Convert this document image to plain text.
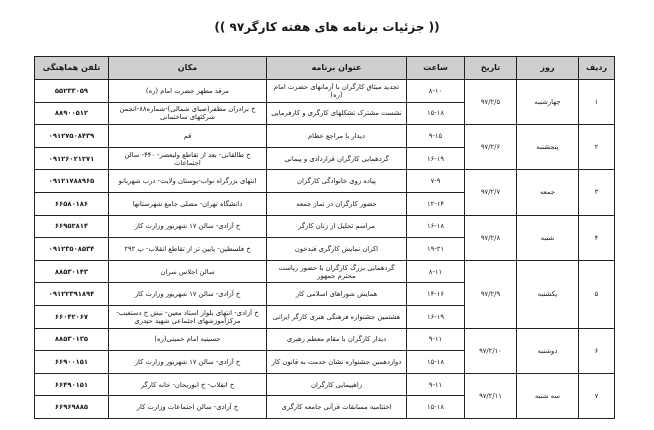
(( جزئیات برنامه های هفته کارگر۹۷ ))
ردیف	روز	تاریخ	ساعت	عنوان برنامه	مکان	تلفن هماهنگی
۱	چهارشنبه	۹۷/۲/۵	۸-۱۰	تجدید میثاق کارگران با آرمانهای حضرت امام (ره)	مرقد مطهر حضرت امام (ره)	۵۵۲۳۳۰۵۹
			۱۵-۱۸	نشست مشترک تشکلهای کارگری و کارفرمایی	خ برادران مظفر(صبای شمالی)-شماره۸۸-انجمن شرکتهای ساختمانی	۸۸۹۰۰۵۱۲
۲	پنجشنبه	۹۷/۲/۶	۹-۱۵	دیدار با مراجع عظام	قم	۰۹۱۲۷۵۰۸۴۳۹
			۱۶-۱۹	گردهمایی کارگران قراردادی و پیمانی	خ طالقانی- بعد از تقاطع ولیعصر- ۴۴۰- سالن اجتماعات	۰۹۱۲۶۰۲۱۲۷۱
۳	جمعه	۹۷/۲/۷	۷-۹	پیاده روی خانوادگی کارگران	انتهای بزرگراه نواب-بوستان ولایت- درب شهربانو	۰۹۱۲۱۷۸۸۹۶۵
			۱۲-۱۴	حضور کارگران در نماز جمعه	دانشگاه تهران- مصلی جامع شهرستانها	۶۶۵۸۰۱۸۶
۴	شنبه	۹۷/۲/۸	۱۶-۱۸	مراسم تجلیل از زنان کارگر	خ آزادی- سالن ۱۷ شهریور وزارت کار	۶۶۹۵۲۸۱۴
			۱۹-۲۱	اکران نمایش کارگری قندخون	خ فلسطین- پایین تر از تقاطع انقلاب- پ ۲۹۲	۰۹۱۲۳۵۰۸۵۳۴
۵	یکشنبه	۹۷/۲/۹	۸-۱۱	گردهمایی بزرگ کارگران با حضور ریاست محترم جمهور	سالن اجلاس سران	۸۸۵۳۰۱۴۳
			۱۴-۱۶	همایش شوراهای اسلامی کار	خ آزادی- سالن ۱۷ شهریور وزارت کار	۰۹۱۲۲۳۹۱۸۹۴
			۱۶-۱۹	هشتمین جشنواره فرهنگی هنری کارگر ایرانی	خ آزادی- انتهای بلوار استاد معین- نبش خ دستغیب- مرکزآموزشهای اجتماعی شهید حیدری	۶۶۰۴۲۰۶۷
۶	دوشنبه	۹۷/۲/۱۰	۹-۱۱	دیدار کارگران با مقام معظم رهبری	حسینیه امام خمینی(ره)	۸۸۵۳۰۱۳۵
			۱۵-۱۸	دوازدهمین جشنواره نشان خدمت به قانون کار	خ آزادی- سالن ۱۷ شهریور وزارت کار	۶۶۹۰۰۱۵۱
۷	سه شنبه	۹۷/۲/۱۱	۹-۱۱	راهپیمایی کارگران	خ انقلاب- خ ابوریحان- خانه کارگر	۶۶۴۹۰۱۵۱
			۱۵-۱۸	اختتامیه مسابقات قرآنی جامعه کارگری	خ آزادی- سالن اجتماعات وزارت کار	۶۶۹۶۹۸۸۵
